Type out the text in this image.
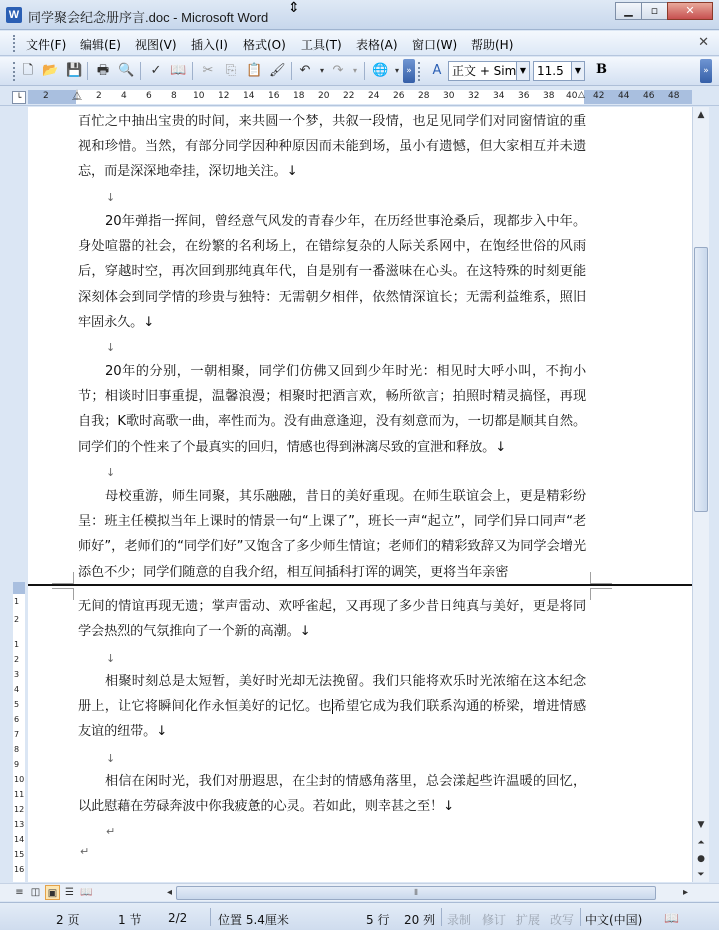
W 同学聚会纪念册序言.doc - Microsoft Word
⇕	▁	▫	✕
文件(F) 编辑(E) 视图(V) 插入(I) 格式(O) 工具(T) 表格(A) 窗口(W) 帮助(H)	✕
🗋 📂 💾 🖶 🔍 ✓ 📖 ✂ ⎘ 📋 🖌 ↶	▾ ↷	▾	🌐 ▾ » A 正文 + Sim ▼ 11.5	▼ B	»
└	2	2 4 6 8 10 12 14 16 18 20 22 24 26 28 30 32 34 36 38 40 42 44 46 48
⏅	△
1
2
1
2
3
4
5
6
7
8
9
10
11
12
13
14
15
16
百忙之中抽出宝贵的时间，来共圆一个梦，共叙一段情，也足见同学们对同窗情谊的重视和珍惜。当然，有部分同学因种种原因而未能到场，虽小有遗憾，但大家相互并未遗忘，而是深深地牵挂，深切地关注。↓
↓
20年弹指一挥间，曾经意气风发的青春少年，在历经世事沧桑后，现都步入中年。身处喧嚣的社会，在纷繁的名利场上，在错综复杂的人际关系网中，在饱经世俗的风雨后，穿越时空，再次回到那纯真年代，自是别有一番滋味在心头。在这特殊的时刻更能深刻体会到同学情的珍贵与独特：无需朝夕相伴，依然情深谊长；无需利益维系，照旧牢固永久。↓
↓
20年的分别，一朝相聚，同学们仿佛又回到少年时光：相见时大呼小叫，不拘小节；相谈时旧事重提，温馨浪漫；相聚时把酒言欢，畅所欲言；拍照时精灵搞怪，再现自我；K歌时高歌一曲，率性而为。没有曲意逢迎，没有刻意而为，一切都是顺其自然。同学们的个性来了个最真实的回归，情感也得到淋漓尽致的宣泄和释放。↓
↓
母校重游，师生同聚，其乐融融，昔日的美好重现。在师生联谊会上，更是精彩纷呈：班主任模拟当年上课时的情景一句“上课了”，班长一声“起立”，同学们异口同声“老师好”，老师们的“同学们好”又饱含了多少师生情谊；老师们的精彩致辞又为同学会增光添色不少；同学们随意的自我介绍，相互间插科打诨的调笑，更将当年亲密
无间的情谊再现无遗；掌声雷动、欢呼雀起，又再现了多少昔日纯真与美好，更是将同学会热烈的气氛推向了一个新的高潮。↓
↓
相聚时刻总是太短暂，美好时光却无法挽留。我们只能将欢乐时光浓缩在这本纪念册上，让它将瞬间化作永恒美好的记忆。也希望它成为我们联系沟通的桥梁，增进情感友谊的纽带。↓
↓
相信在闲时光，我们对册遐思，在尘封的情感角落里，总会漾起些许温暖的回忆，以此慰藉在劳碌奔波中你我疲惫的心灵。若如此，则幸甚之至！↓
↵
↵
▲
▼
⏶
●
⏷
≡ ◫ ▣ ☰ 📖	◂	⦀	▸
2 页	1 节 2/2	位置 5.4厘米	5 行 20 列 录制 修订 扩展 改写 中文(中国) 📖
